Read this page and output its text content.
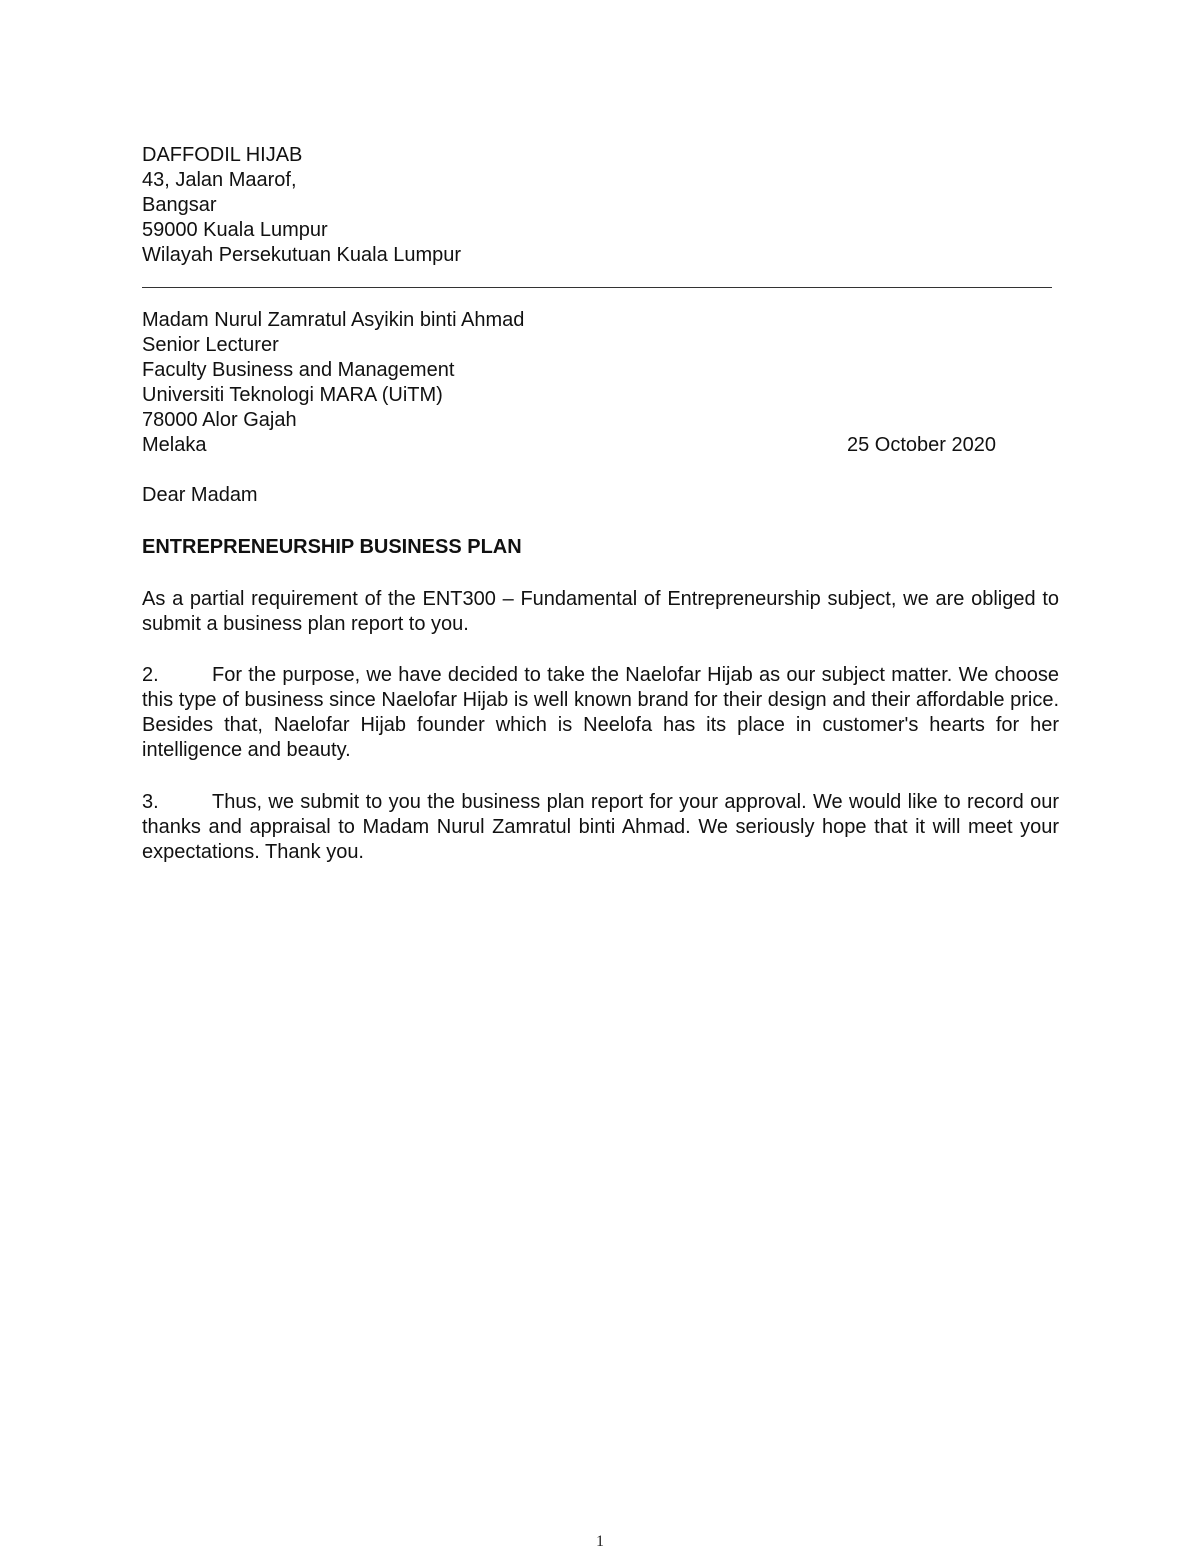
DAFFODIL HIJAB
43, Jalan Maarof,
Bangsar
59000 Kuala Lumpur
Wilayah Persekutuan Kuala Lumpur
Madam Nurul Zamratul Asyikin binti Ahmad
Senior Lecturer
Faculty Business and Management
Universiti Teknologi MARA (UiTM)
78000 Alor Gajah
Melaka	25 October 2020
Dear Madam
ENTREPRENEURSHIP BUSINESS PLAN
As a partial requirement of the ENT300 – Fundamental of Entrepreneurship subject, we are obliged to submit a business plan report to you.
2.	For the purpose, we have decided to take the Naelofar Hijab as our subject matter. We choose this type of business since Naelofar Hijab is well known brand for their design and their affordable price. Besides that, Naelofar Hijab founder which is Neelofa has its place in customer's hearts for her intelligence and beauty.
3.	Thus, we submit to you the business plan report for your approval. We would like to record our thanks and appraisal to Madam Nurul Zamratul binti Ahmad. We seriously hope that it will meet your expectations. Thank you.
1
